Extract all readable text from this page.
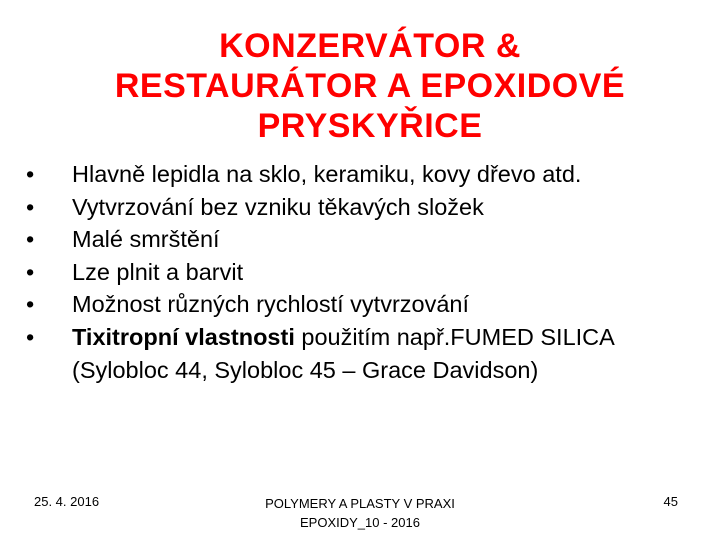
KONZERVÁTOR &
RESTAURÁTOR A EPOXIDOVÉ
PRYSKYŘICE
•	Hlavně lepidla na sklo, keramiku, kovy dřevo atd.
•	Vytvrzování bez vzniku těkavých složek
•	Malé smrštění
•	Lze plnit a barvit
•	Možnost různých rychlostí vytvrzování
•	Tixitropní vlastnosti použitím např.FUMED SILICA (Sylobloc 44, Sylobloc 45 – Grace Davidson)
25. 4. 2016	POLYMERY A PLASTY V PRAXI
EPOXIDY_10 - 2016
45
